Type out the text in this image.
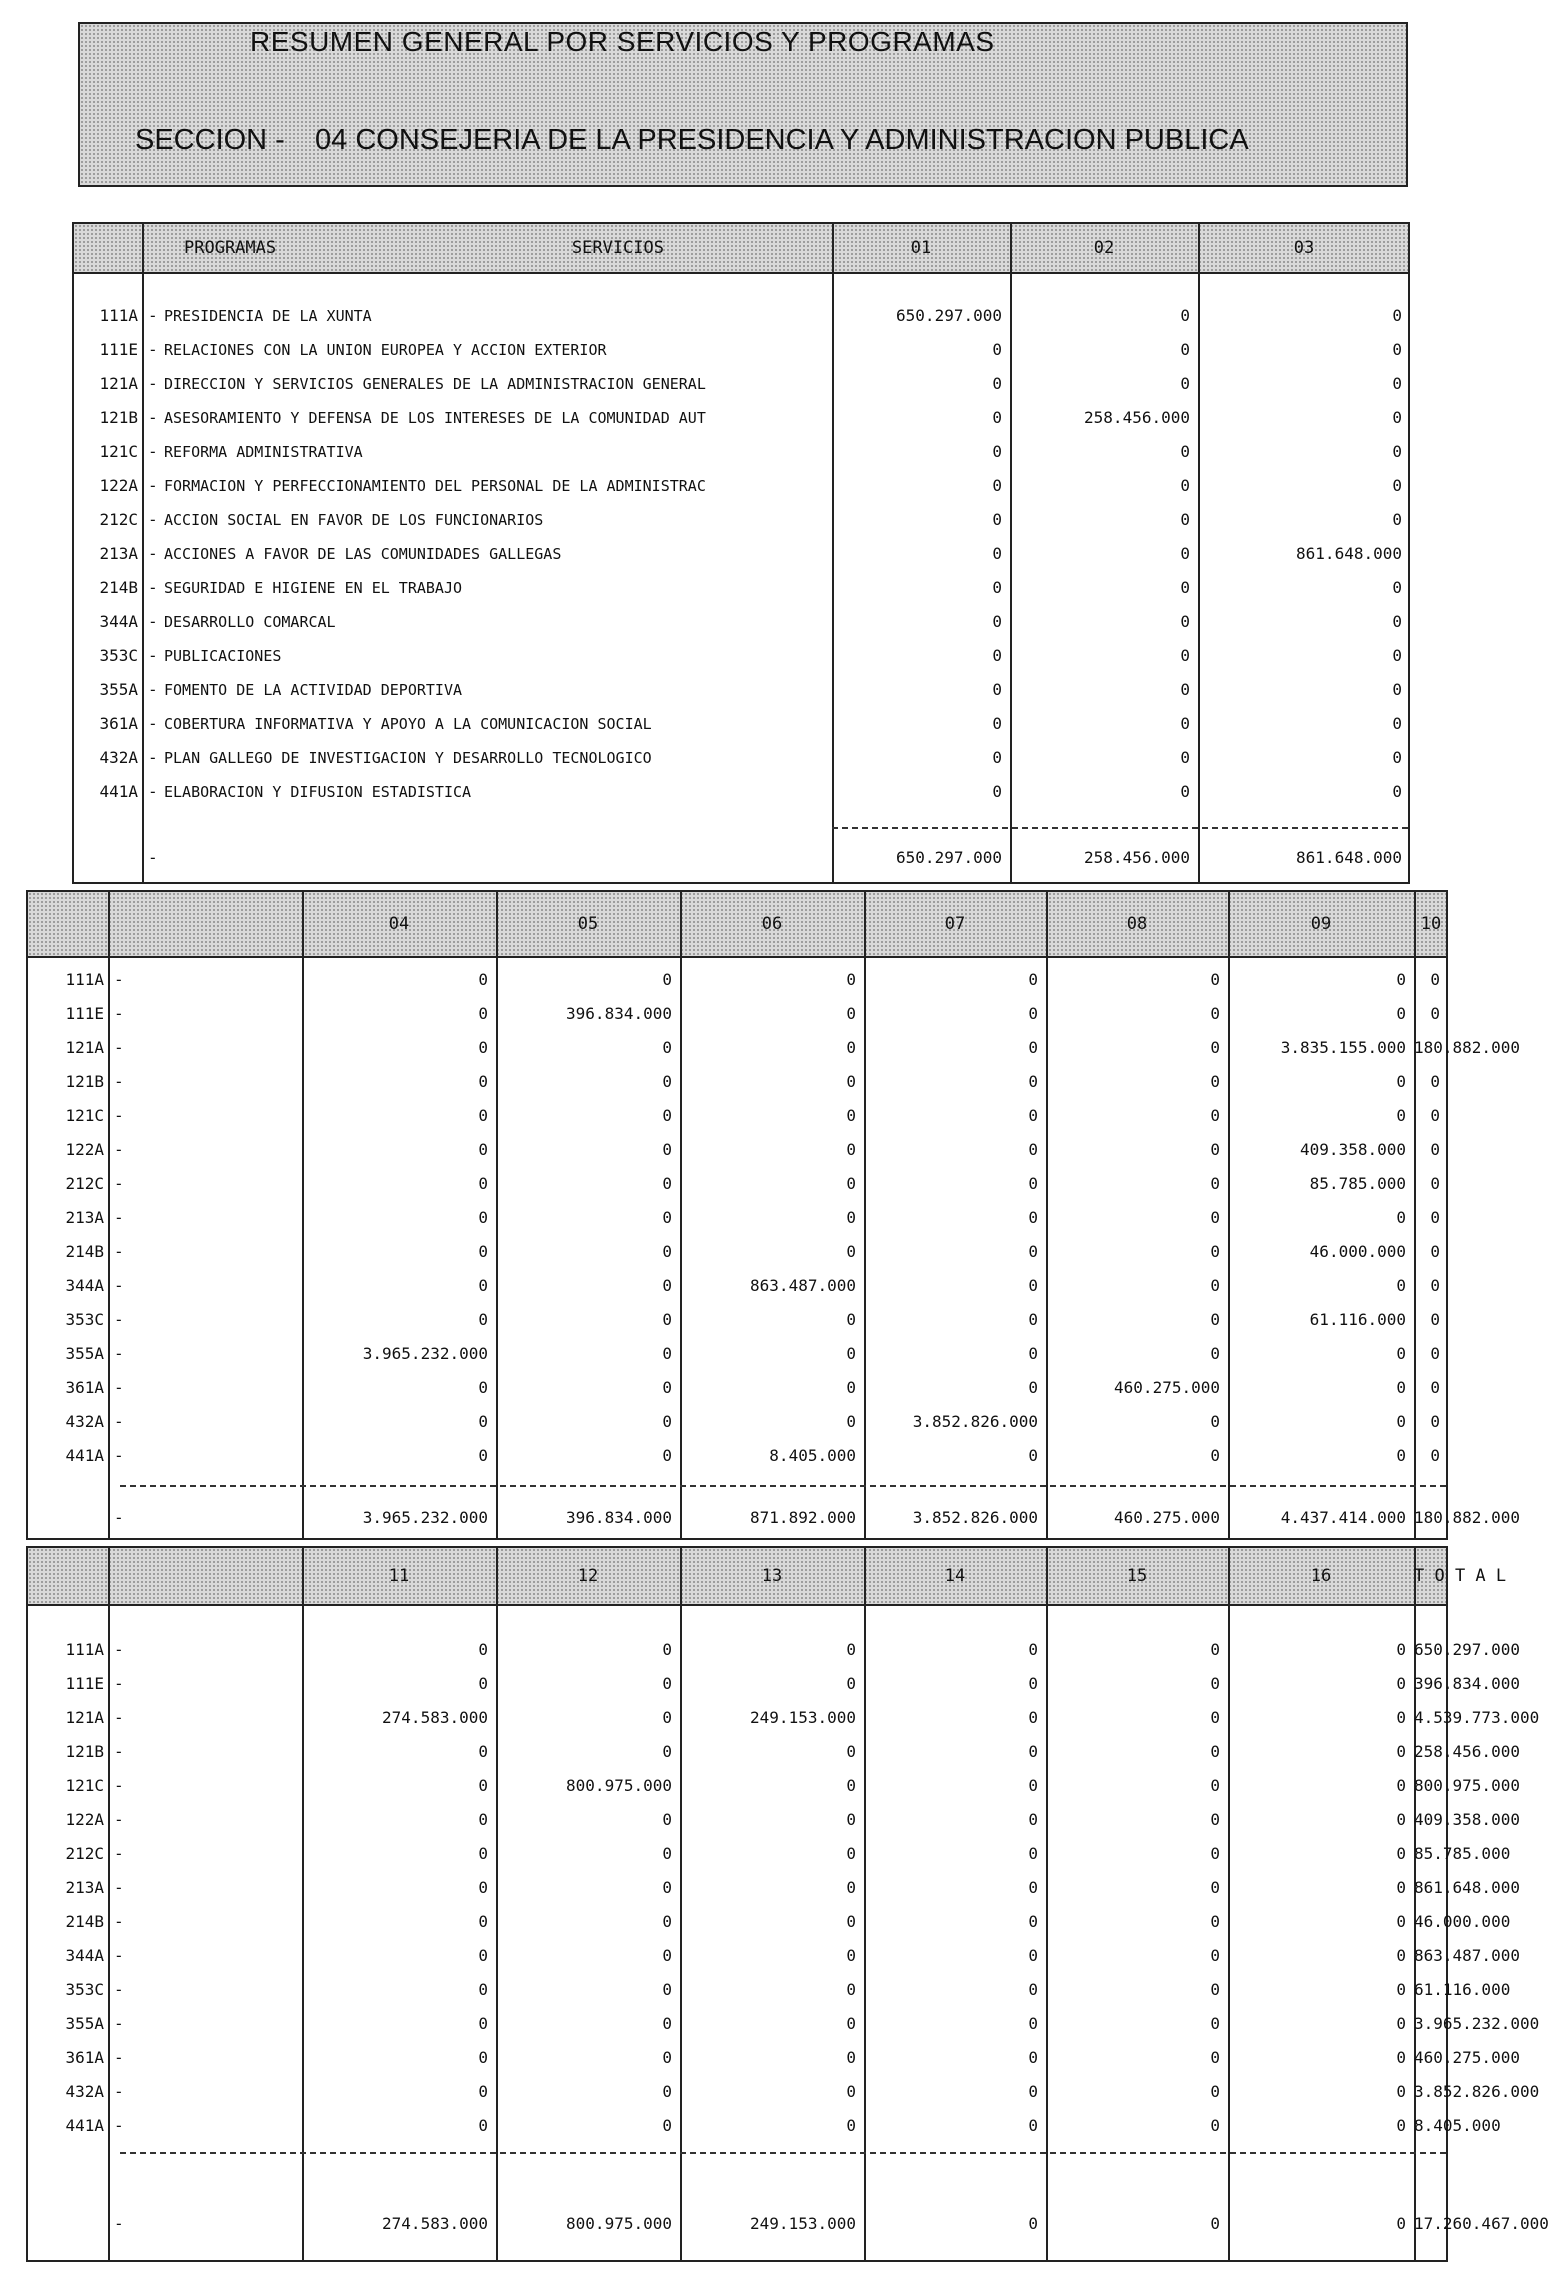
RESUMEN GENERAL POR SERVICIOS Y PROGRAMAS
SECCION - 04 CONSEJERIA DE LA PRESIDENCIA Y ADMINISTRACION PUBLICA
PROGRAMAS	SERVICIOS	01	02	03
111A - PRESIDENCIA DE LA XUNTA	650.297.000	0	0
111E - RELACIONES CON LA UNION EUROPEA Y ACCION EXTERIOR	0	0	0
121A - DIRECCION Y SERVICIOS GENERALES DE LA ADMINISTRACION GENERAL	0	0	0
121B - ASESORAMIENTO Y DEFENSA DE LOS INTERESES DE LA COMUNIDAD AUT	0	258.456.000	0
121C - REFORMA ADMINISTRATIVA	0	0	0
122A - FORMACION Y PERFECCIONAMIENTO DEL PERSONAL DE LA ADMINISTRAC	0	0	0
212C - ACCION SOCIAL EN FAVOR DE LOS FUNCIONARIOS	0	0	0
213A - ACCIONES A FAVOR DE LAS COMUNIDADES GALLEGAS	0	0	861.648.000
214B - SEGURIDAD E HIGIENE EN EL TRABAJO	0	0	0
344A - DESARROLLO COMARCAL	0	0	0
353C - PUBLICACIONES	0	0	0
355A - FOMENTO DE LA ACTIVIDAD DEPORTIVA	0	0	0
361A - COBERTURA INFORMATIVA Y APOYO A LA COMUNICACION SOCIAL	0	0	0
432A - PLAN GALLEGO DE INVESTIGACION Y DESARROLLO TECNOLOGICO	0	0	0
441A - ELABORACION Y DIFUSION ESTADISTICA	0	0	0
-	650.297.000	258.456.000	861.648.000
04	05	06	07	08	09	10
111A -	0	0	0	0	0	0	0
111E -	0	396.834.000	0	0	0	0	0
121A -	0	0	0	0	0	3.835.155.000 180.882.000
121B -	0	0	0	0	0	0	0
121C -	0	0	0	0	0	0	0
122A -	0	0	0	0	0	409.358.000	0
212C -	0	0	0	0	0	85.785.000	0
213A -	0	0	0	0	0	0	0
214B -	0	0	0	0	0	46.000.000	0
344A -	0	0	863.487.000	0	0	0	0
353C -	0	0	0	0	0	61.116.000	0
355A -	3.965.232.000	0	0	0	0	0	0
361A -	0	0	0	0	460.275.000	0	0
432A -	0	0	0	3.852.826.000	0	0	0
441A -	0	0	8.405.000	0	0	0	0
-	3.965.232.000	396.834.000	871.892.000	3.852.826.000	460.275.000	4.437.414.000 180.882.000
11	12	13	14	15	16	T O T A L
111A -	0	0	0	0	0	0 650.297.000
111E -	0	0	0	0	0	0 396.834.000
121A -	274.583.000	0	249.153.000	0	0	0 4.539.773.000
121B -	0	0	0	0	0	0 258.456.000
121C -	0	800.975.000	0	0	0	0 800.975.000
122A -	0	0	0	0	0	0 409.358.000
212C -	0	0	0	0	0	0 85.785.000
213A -	0	0	0	0	0	0 861.648.000
214B -	0	0	0	0	0	0 46.000.000
344A -	0	0	0	0	0	0 863.487.000
353C -	0	0	0	0	0	0 61.116.000
355A -	0	0	0	0	0	0 3.965.232.000
361A -	0	0	0	0	0	0 460.275.000
432A -	0	0	0	0	0	0 3.852.826.000
441A -	0	0	0	0	0	0 8.405.000
-	274.583.000	800.975.000	249.153.000	0	0	0 17.260.467.000
